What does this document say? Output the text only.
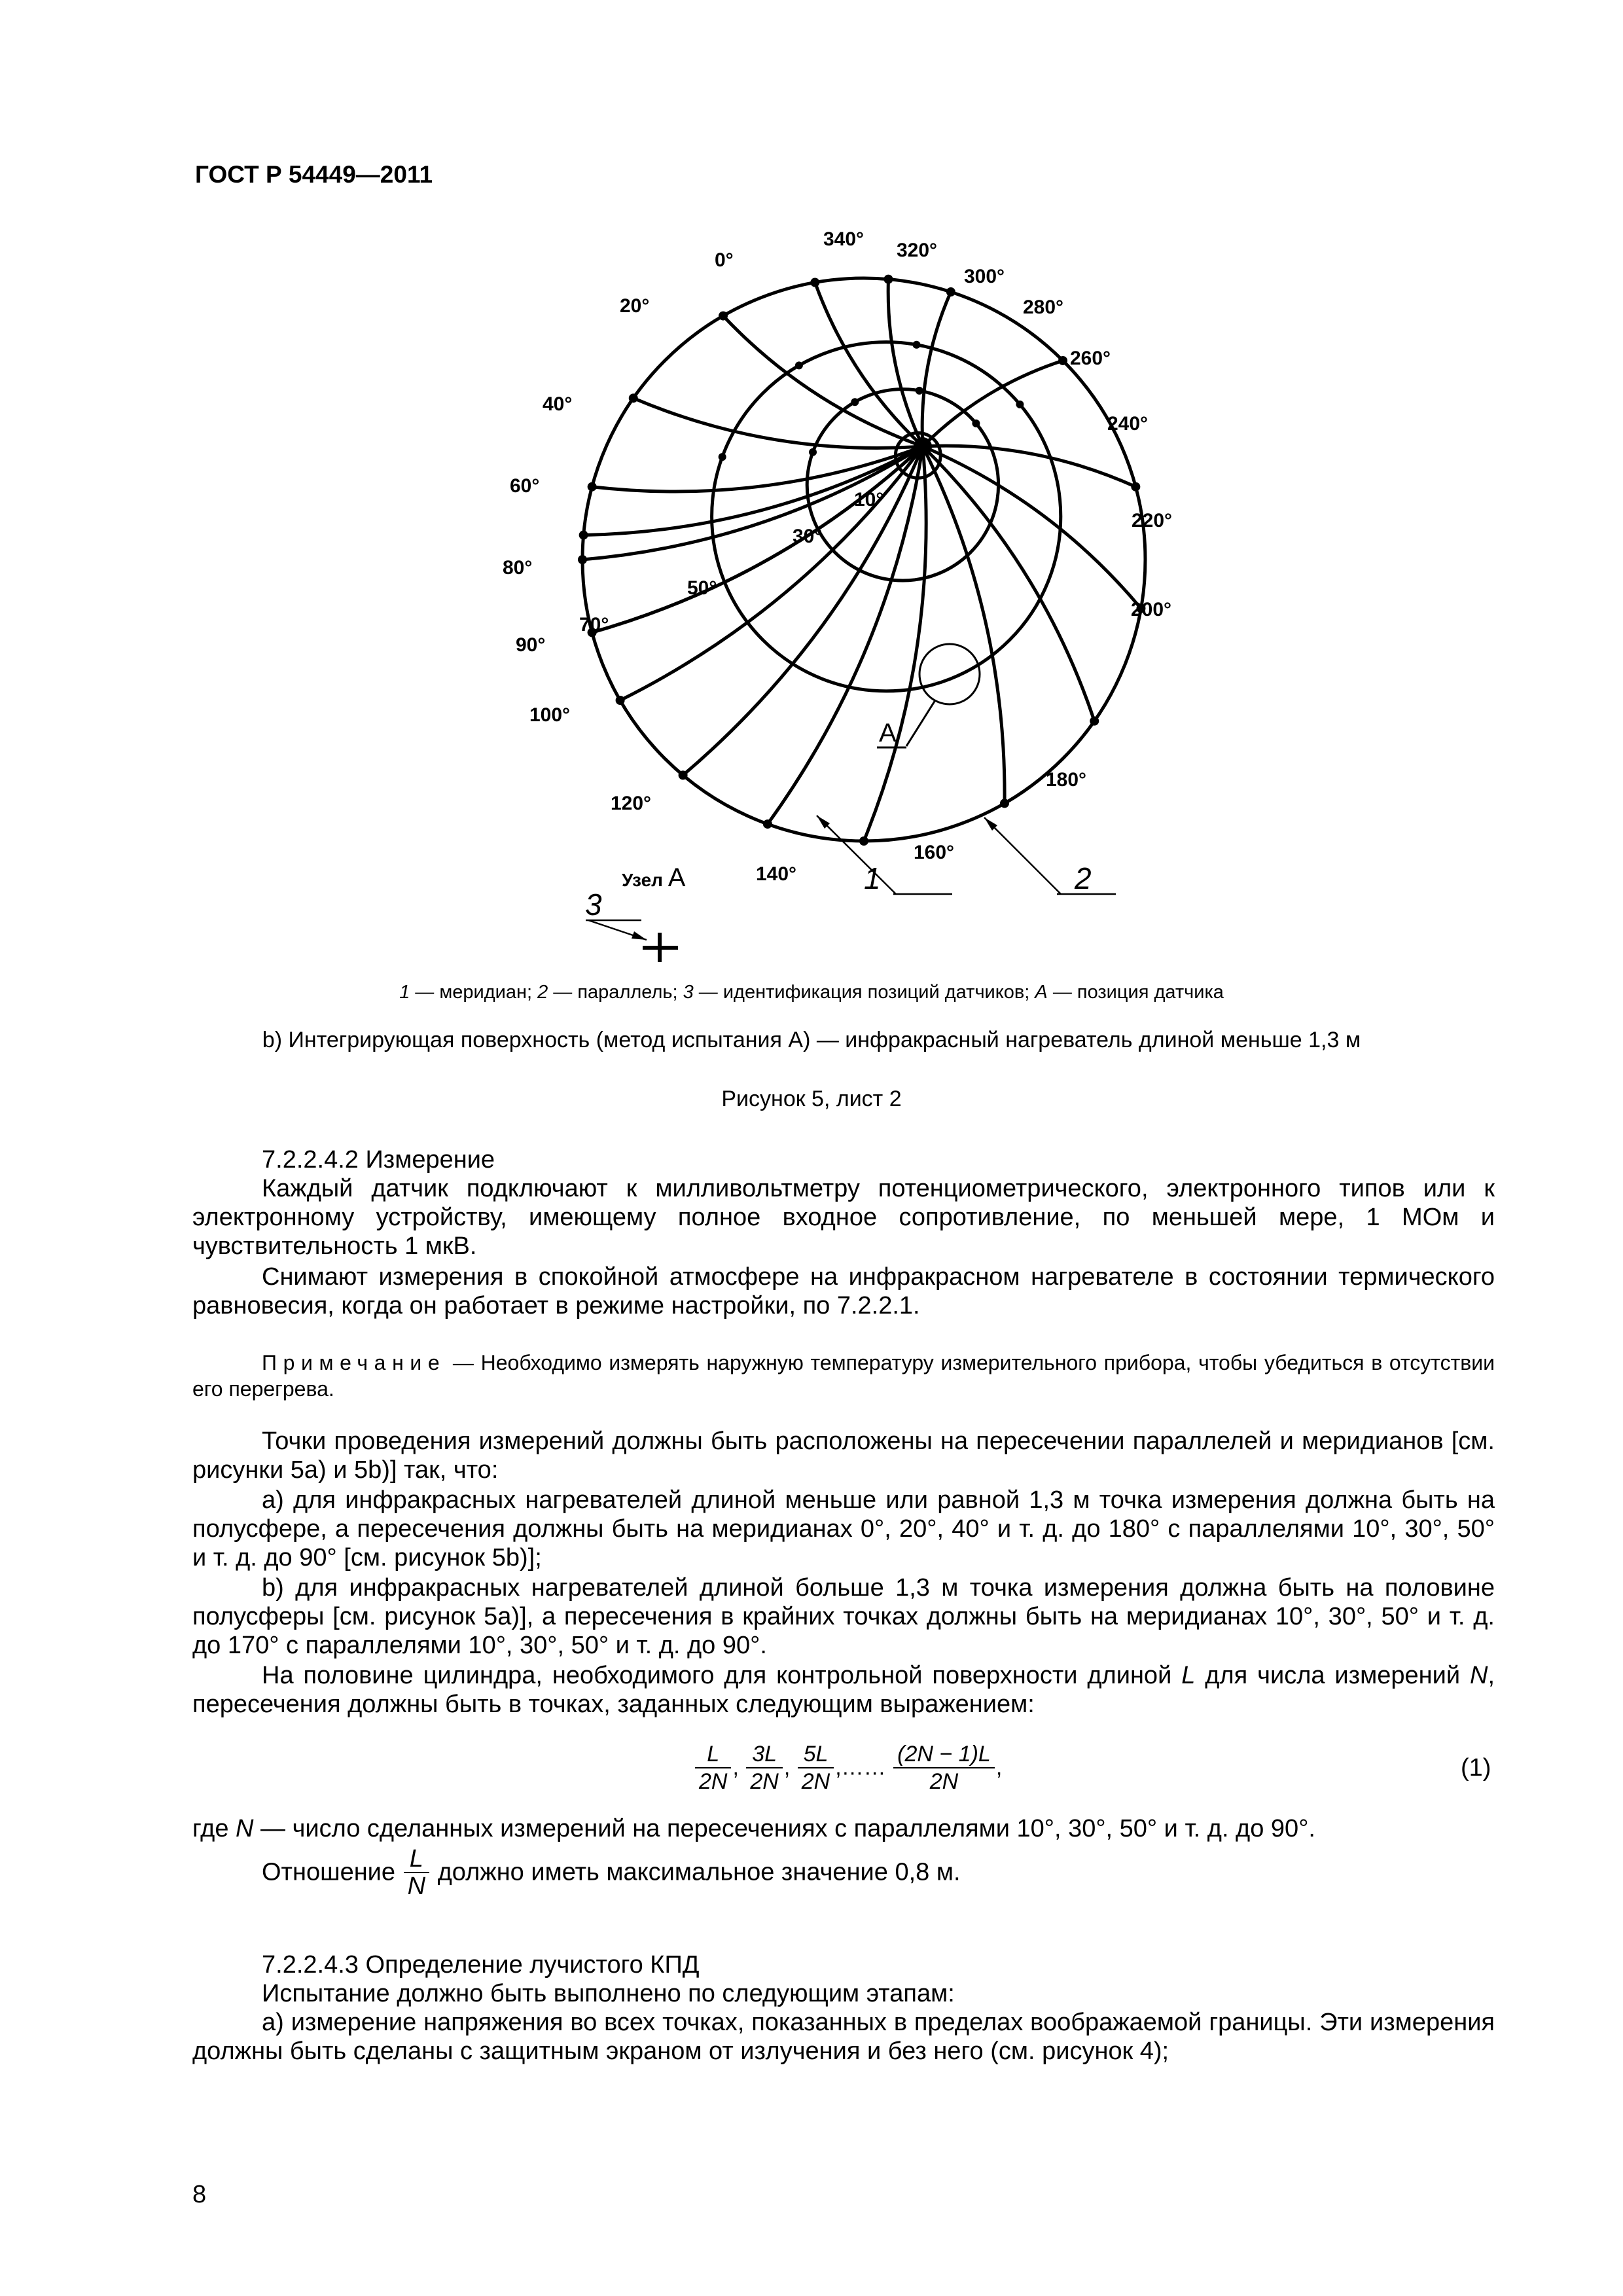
ГОСТ Р 54449—2011
A
1	2
3
Узел А
0°
20°
40°
60°
80°
90°
100°
120°
140°
160°
180°
200°
220°
240°
260°
280°
300°
320°
340°
10°
30°
50°
70°
1 — меридиан; 2 — параллель; 3 — идентификация позиций датчиков; А — позиция датчика
b) Интегрирующая поверхность (метод испытания А) — инфракрасный нагреватель длиной меньше 1,3 м
Рисунок 5, лист 2
7.2.2.4.2 Измерение
Каждый датчик подключают к милливольтметру потенциометрического, электронного типов или к электронному устройству, имеющему полное входное сопротивление, по меньшей мере, 1 МОм и чувствительность 1 мкВ.
Снимают измерения в спокойной атмосфере на инфракрасном нагревателе в состоянии термического равновесия, когда он работает в режиме настройки, по 7.2.2.1.
Примечание — Необходимо измерять наружную температуру измерительного прибора, чтобы убедиться в отсутствии его перегрева.
Точки проведения измерений должны быть расположены на пересечении параллелей и меридианов [см. рисунки 5а) и 5b)] так, что:
а) для инфракрасных нагревателей длиной меньше или равной 1,3 м точка измерения должна быть на полусфере, а пересечения должны быть на меридианах 0°, 20°, 40° и т. д. до 180° с параллелями 10°, 30°, 50° и т. д. до 90° [см. рисунок 5b)];
b) для инфракрасных нагревателей длиной больше 1,3 м точка измерения должна быть на половине полусферы [см. рисунок 5а)], а пересечения в крайних точках должны быть на меридианах 10°, 30°, 50° и т. д. до 170° с параллелями 10°, 30°, 50° и т. д. до 90°.
На половине цилиндра, необходимого для контрольной поверхности длиной L для числа измерений N, пересечения должны быть в точках, заданных следующим выражением:
$\frac{L}{2N}$ , $\frac{3L}{2N}$ , $\frac{5L}{2N}$ ,…… $\frac{(2N - 1)L}{2N}$ ,	(1)
где N — число сделанных измерений на пересечениях с параллелями 10°, 30°, 50° и т. д. до 90°.
Отношение $\frac{L}{N}$ должно иметь максимальное значение 0,8 м.
7.2.2.4.3 Определение лучистого КПД
Испытание должно быть выполнено по следующим этапам:
а) измерение напряжения во всех точках, показанных в пределах воображаемой границы. Эти измерения должны быть сделаны с защитным экраном от излучения и без него (см. рисунок 4);
8
